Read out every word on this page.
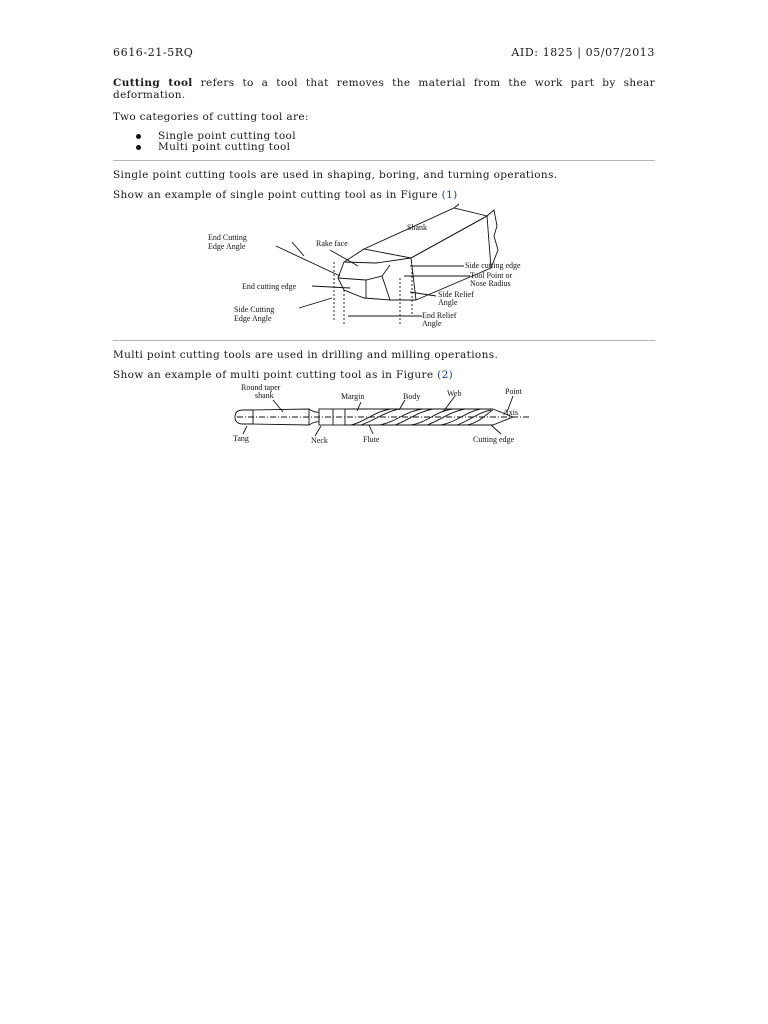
6616-21-5RQ	AID: 1825 | 05/07/2013

Cutting tool refers to a tool that removes the material from the work part by shear deformation.

Two categories of cutting tool are:

Single point cutting tool
Multi point cutting tool

Single point cutting tools are used in shaping, boring, and turning operations.

Show an example of single point cutting tool as in Figure (1)

Shank
End Cutting
Edge Angle	Rake face
Side cutting edge
Tool Point or
Nose Radius
End cutting edge
Side Relief
Angle
Side Cutting
Edge Angle	End Relief
Angle

Multi point cutting tools are used in drilling and milling operations.

Show an example of multi point cutting tool as in Figure (2)

Round taper
shank	Margin	Body	Web	Point
Axis
Tang	Neck	Flute	Cutting edge
